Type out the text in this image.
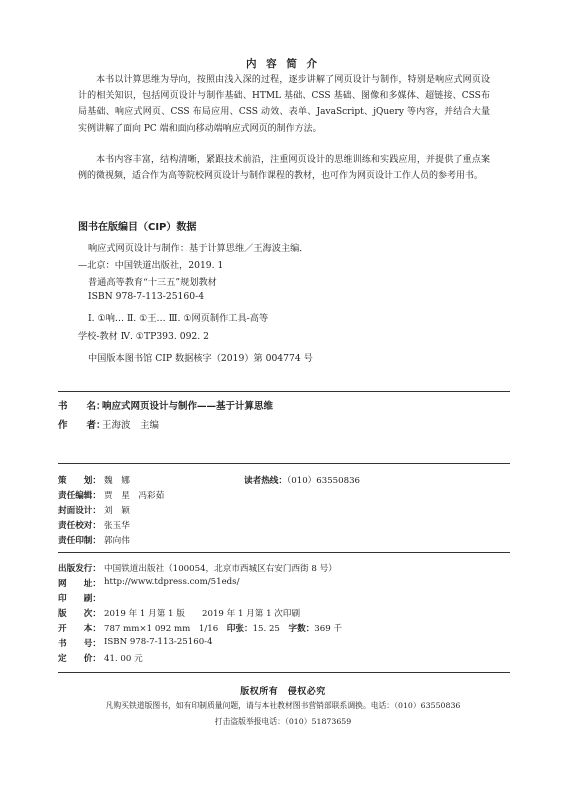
内 容 简 介

本书以计算思维为导向，按照由浅入深的过程，逐步讲解了网页设计与制作，特别是响应式网页设计的相关知识，包括网页设计与制作基础、HTML 基础、CSS 基础、图像和多媒体、超链接、CSS布局基础、响应式网页、CSS 布局应用、CSS 动效、表单、JavaScript、jQuery 等内容，并结合大量实例讲解了面向 PC 端和面向移动端响应式网页的制作方法。

本书内容丰富，结构清晰，紧跟技术前沿，注重网页设计的思维训练和实践应用，并提供了重点案例的微视频，适合作为高等院校网页设计与制作课程的教材，也可作为网页设计工作人员的参考用书。

图书在版编目（CIP）数据
响应式网页设计与制作：基于计算思维／王海波主编．
—北京：中国铁道出版社，2019. 1
普通高等教育“十三五”规划教材
ISBN 978-7-113-25160-4
Ⅰ. ①响… Ⅱ. ①王… Ⅲ. ①网页制作工具-高等
学校-教材 Ⅳ. ①TP393. 092. 2
中国版本图书馆 CIP 数据核字（2019）第 004774 号
书　　名：
响应式网页设计与制作——基于计算思维
作　　者：
王海波　主编
策　　划： 魏　娜	读者热线：（010）63550836
责任编辑： 贾　星　冯彩茹
封面设计： 刘　颖
责任校对： 张玉华
责任印制： 郭向伟
出版发行： 中国铁道出版社（100054，北京市西城区右安门西街 8 号）
网　　址： http://www.tdpress.com/51eds/
印　　刷：
版　　次： 2019 年 1 月第 1 版　　2019 年 1 月第 1 次印刷
开　　本： 787 mm×1 092 mm　1/16　印张：15. 25　字数：369 千
书　　号： ISBN 978-7-113-25160-4
定　　价： 41. 00 元
版权所有　侵权必究
凡购买铁道版图书，如有印制质量问题，请与本社教材图书营销部联系调换。电话：（010）63550836
打击盗版举报电话：（010）51873659
